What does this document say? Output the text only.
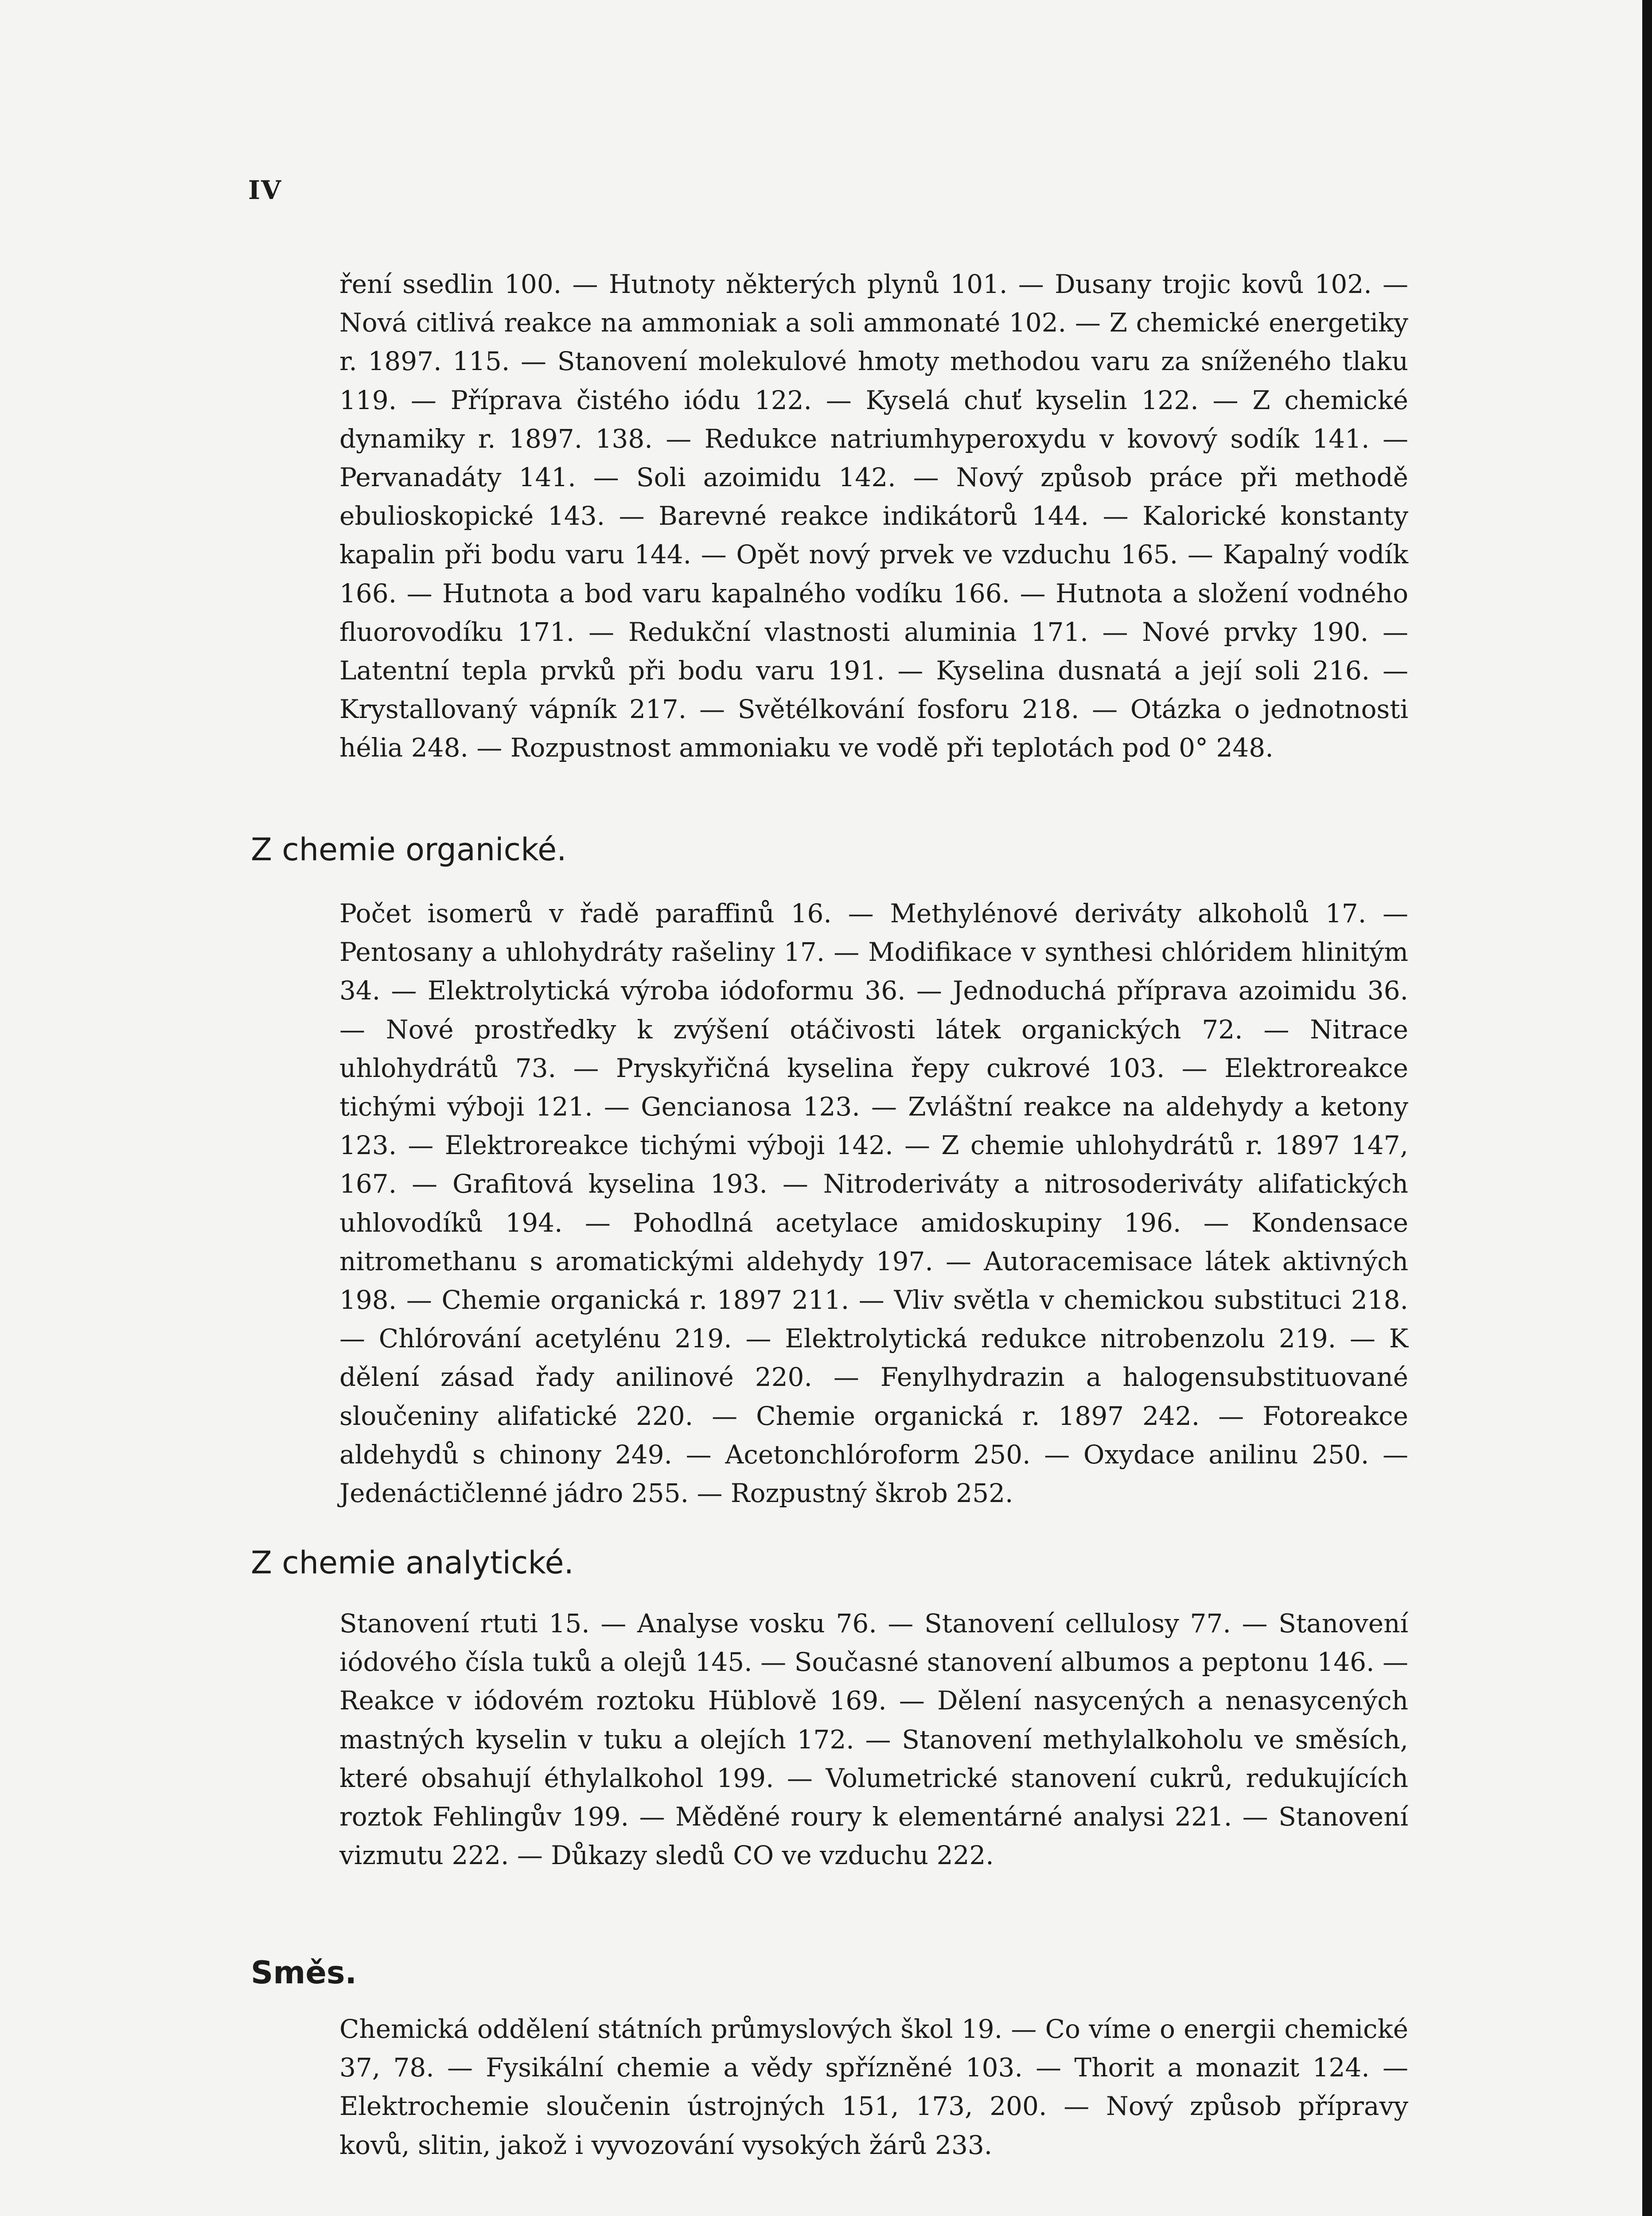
IV

ření ssedlin 100. — Hutnoty některých plynů 101. — Dusany trojic kovů 102. — Nová citlivá reakce na ammoniak a soli ammonaté 102. — Z chemické energetiky r. 1897. 115. — Stanovení molekulové hmoty methodou varu za sníženého tlaku 119. — Příprava čistého iódu 122. — Kyselá chuť kyselin 122. — Z chemické dynamiky r. 1897. 138. — Redukce natriumhyperoxydu v kovový sodík 141. — Pervanadáty 141. — Soli azoimidu 142. — Nový způsob práce při methodě ebulioskopické 143. — Barevné reakce indikátorů 144. — Kalorické konstanty kapalin při bodu varu 144. — Opět nový prvek ve vzduchu 165. — Kapalný vodík 166. — Hutnota a bod varu kapalného vodíku 166. — Hutnota a složení vodného fluorovodíku 171. — Redukční vlastnosti aluminia 171. — Nové prvky 190. — Latentní tepla prvků při bodu varu 191. — Kyselina dusnatá a její soli 216. — Krystallovaný vápník 217. — Světélkování fosforu 218. — Otázka o jednotnosti hélia 248. — Rozpustnost ammoniaku ve vodě při teplotách pod 0° 248.

Z chemie organické.

Počet isomerů v řadě paraffinů 16. — Methylénové deriváty alkoholů 17. — Pentosany a uhlohydráty rašeliny 17. — Modifikace v synthesi chlóridem hlinitým 34. — Elektrolytická výroba iódoformu 36. — Jednoduchá příprava azoimidu 36. — Nové prostředky k zvýšení otáčivosti látek organických 72. — Nitrace uhlohydrátů 73. — Pryskyřičná kyselina řepy cukrové 103. — Elektroreakce tichými výboji 121. — Gencianosa 123. — Zvláštní reakce na aldehydy a ketony 123. — Elektroreakce tichými výboji 142. — Z chemie uhlohydrátů r. 1897 147, 167. — Grafitová kyselina 193. — Nitroderiváty a nitrosoderiváty alifatických uhlovodíků 194. — Pohodlná acetylace amidoskupiny 196. — Kondensace nitromethanu s aromatickými aldehydy 197. — Autoracemisace látek aktivných 198. — Chemie organická r. 1897 211. — Vliv světla v chemickou substituci 218. — Chlórování acetylénu 219. — Elektrolytická redukce nitrobenzolu 219. — K dělení zásad řady anilinové 220. — Fenylhydrazin a halogensubstituované sloučeniny alifatické 220. — Chemie organická r. 1897 242. — Fotoreakce aldehydů s chinony 249. — Acetonchlóroform 250. — Oxydace anilinu 250. — Jedenáctičlenné jádro 255. — Rozpustný škrob 252.

Z chemie analytické.

Stanovení rtuti 15. — Analyse vosku 76. — Stanovení cellulosy 77. — Stanovení iódového čísla tuků a olejů 145. — Současné stanovení albumos a peptonu 146. — Reakce v iódovém roztoku Hüblově 169. — Dělení nasycených a nenasycených mastných kyselin v tuku a olejích 172. — Stanovení methylalkoholu ve směsích, které obsahují éthylalkohol 199. — Volumetrické stanovení cukrů, redukujících roztok Fehlingův 199. — Měděné roury k elementárné analysi 221. — Stanovení vizmutu 222. — Důkazy sledů CO ve vzduchu 222.

Směs.

Chemická oddělení státních průmyslových škol 19. — Co víme o energii chemické 37, 78. — Fysikální chemie a vědy spřízněné 103. — Thorit a monazit 124. — Elektrochemie sloučenin ústrojných 151, 173, 200. — Nový způsob přípravy kovů, slitin, jakož i vyvozování vysokých žárů 233.
